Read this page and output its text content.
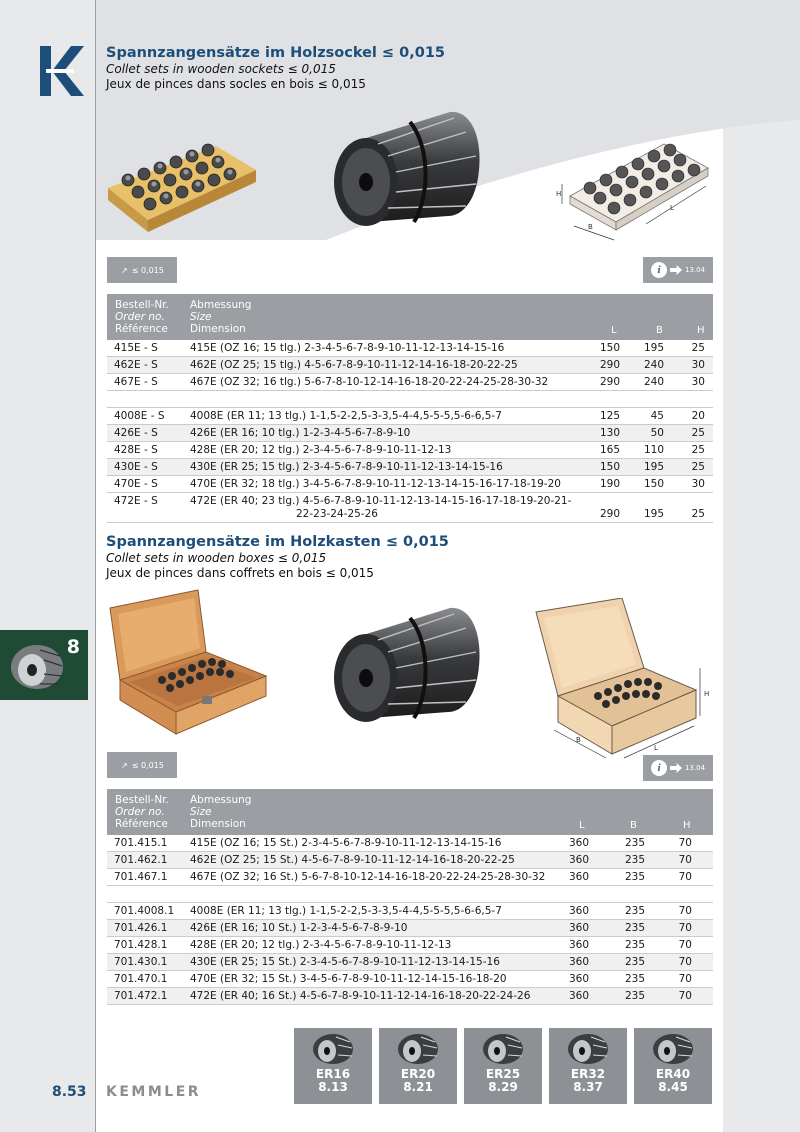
Spannzangensätze im Holzsockel ≤ 0,015
Collet sets in wooden sockets ≤ 0,015
Jeux de pinces dans socles en bois ≤ 0,015
H
B
L
↗ ≤ 0,015	i	13.04
Bestell-Nr.
Order no.
Référence
Abmessung
Size
Dimension	L	B	H
415E - S	415E (OZ 16; 15 tlg.) 2-3-4-5-6-7-8-9-10-11-12-13-14-15-16	150	195	25
462E - S	462E (OZ 25; 15 tlg.) 4-5-6-7-8-9-10-11-12-14-16-18-20-22-25	290	240	30
467E - S	467E (OZ 32; 16 tlg.) 5-6-7-8-10-12-14-16-18-20-22-24-25-28-30-32	290	240	30
4008E - S 4008E (ER 11; 13 tlg.) 1-1,5-2-2,5-3-3,5-4-4,5-5-5,5-6-6,5-7	125	45	20
426E - S	426E (ER 16; 10 tlg.) 1-2-3-4-5-6-7-8-9-10	130	50	25
428E - S	428E (ER 20; 12 tlg.) 2-3-4-5-6-7-8-9-10-11-12-13	165	110	25
430E - S	430E (ER 25; 15 tlg.) 2-3-4-5-6-7-8-9-10-11-12-13-14-15-16	150	195	25
470E - S	470E (ER 32; 18 tlg.) 3-4-5-6-7-8-9-10-11-12-13-14-15-16-17-18-19-20	190	150	30
472E - S	472E (ER 40; 23 tlg.) 4-5-6-7-8-9-10-11-12-13-14-15-16-17-18-19-20-21-
22-23-24-25-26	290	195	25
Spannzangensätze im Holzkasten ≤ 0,015
Collet sets in wooden boxes ≤ 0,015
Jeux de pinces dans coffrets en bois ≤ 0,015
H
B
L
↗ ≤ 0,015	i	13.04
Bestell-Nr.
Order no.
Référence
Abmessung
Size
Dimension	L	B	H
701.415.1 415E (OZ 16; 15 St.) 2-3-4-5-6-7-8-9-10-11-12-13-14-15-16	360	235	70
701.462.1 462E (OZ 25; 15 St.) 4-5-6-7-8-9-10-11-12-14-16-18-20-22-25	360	235	70
701.467.1 467E (OZ 32; 16 St.) 5-6-7-8-10-12-14-16-18-20-22-24-25-28-30-32	360	235	70
701.4008.1 4008E (ER 11; 13 tlg.) 1-1,5-2-2,5-3-3,5-4-4,5-5-5,5-6-6,5-7	360	235	70
701.426.1 426E (ER 16; 10 St.) 1-2-3-4-5-6-7-8-9-10	360	235	70
701.428.1 428E (ER 20; 12 tlg.) 2-3-4-5-6-7-8-9-10-11-12-13	360	235	70
701.430.1 430E (ER 25; 15 St.) 2-3-4-5-6-7-8-9-10-11-12-13-14-15-16	360	235	70
701.470.1 470E (ER 32; 15 St.) 3-4-5-6-7-8-9-10-11-12-14-15-16-18-20	360	235	70
701.472.1 472E (ER 40; 16 St.) 4-5-6-7-8-9-10-11-12-14-16-18-20-22-24-26	360	235	70
8
ER16
8.13
ER20
8.21
ER25
8.29
ER32
8.37
ER40
8.45
8.53 KEMMLER
